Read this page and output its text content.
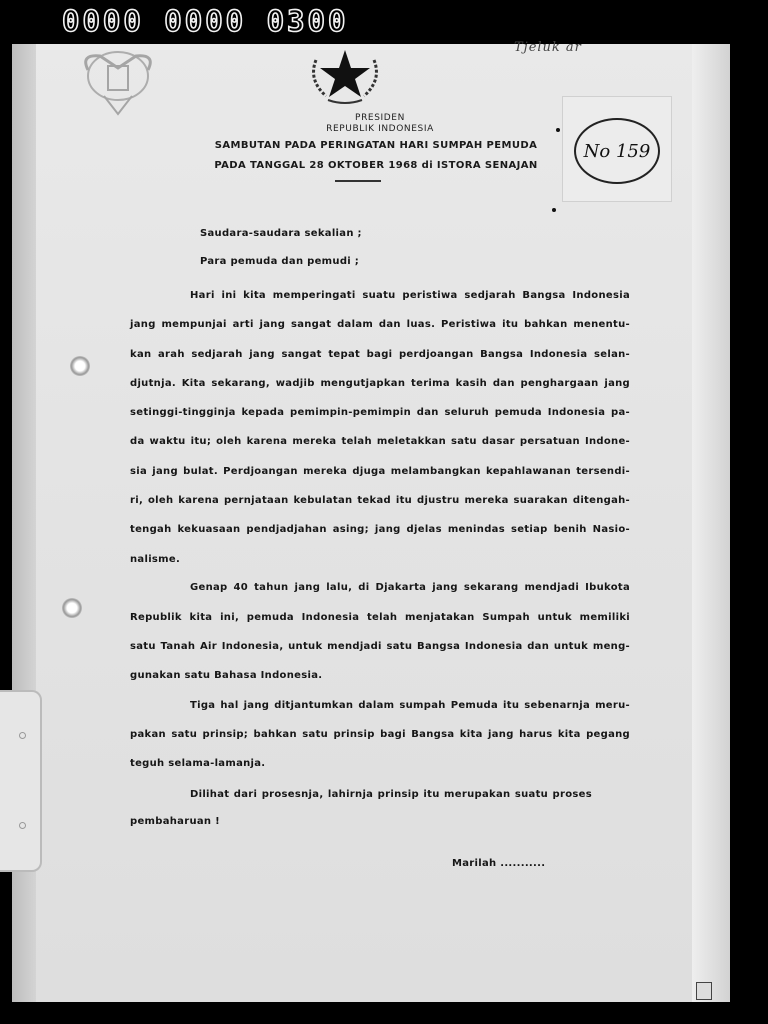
0000 0000 0300
Tjeluk ar
No 159
PRESIDEN
REPUBLIK INDONESIA
SAMBUTAN PADA PERINGATAN HARI SUMPAH PEMUDA
PADA TANGGAL 28 OKTOBER 1968 di ISTORA SENAJAN
Saudara-saudara sekalian ;
Para pemuda dan pemudi ;
Hari ini kita memperingati suatu peristiwa sedjarah Bangsa Indonesia
jang mempunjai arti jang sangat dalam dan luas. Peristiwa itu bahkan menentu-
kan arah sedjarah jang sangat tepat bagi perdjoangan Bangsa Indonesia selan-
djutnja. Kita sekarang, wadjib mengutjapkan terima kasih dan penghargaan jang
setinggi-tingginja kepada pemimpin-pemimpin dan seluruh pemuda Indonesia pa-
da waktu itu; oleh karena mereka telah meletakkan satu dasar persatuan Indone-
sia jang bulat. Perdjoangan mereka djuga melambangkan kepahlawanan tersendi-
ri, oleh karena pernjataan kebulatan tekad itu djustru mereka suarakan ditengah-
tengah kekuasaan pendjadjahan asing; jang djelas menindas setiap benih Nasio-
nalisme.
Genap 40 tahun jang lalu, di Djakarta jang sekarang mendjadi Ibukota
Republik kita ini, pemuda Indonesia telah menjatakan Sumpah untuk memiliki
satu Tanah Air Indonesia, untuk mendjadi satu Bangsa Indonesia dan untuk meng-
gunakan satu Bahasa Indonesia.
Tiga hal jang ditjantumkan dalam sumpah Pemuda itu sebenarnja meru-
pakan satu prinsip; bahkan satu prinsip bagi Bangsa kita jang harus kita pegang
teguh selama-lamanja.
Dilihat dari prosesnja, lahirnja prinsip itu merupakan suatu proses
pembaharuan !
Marilah ...........
